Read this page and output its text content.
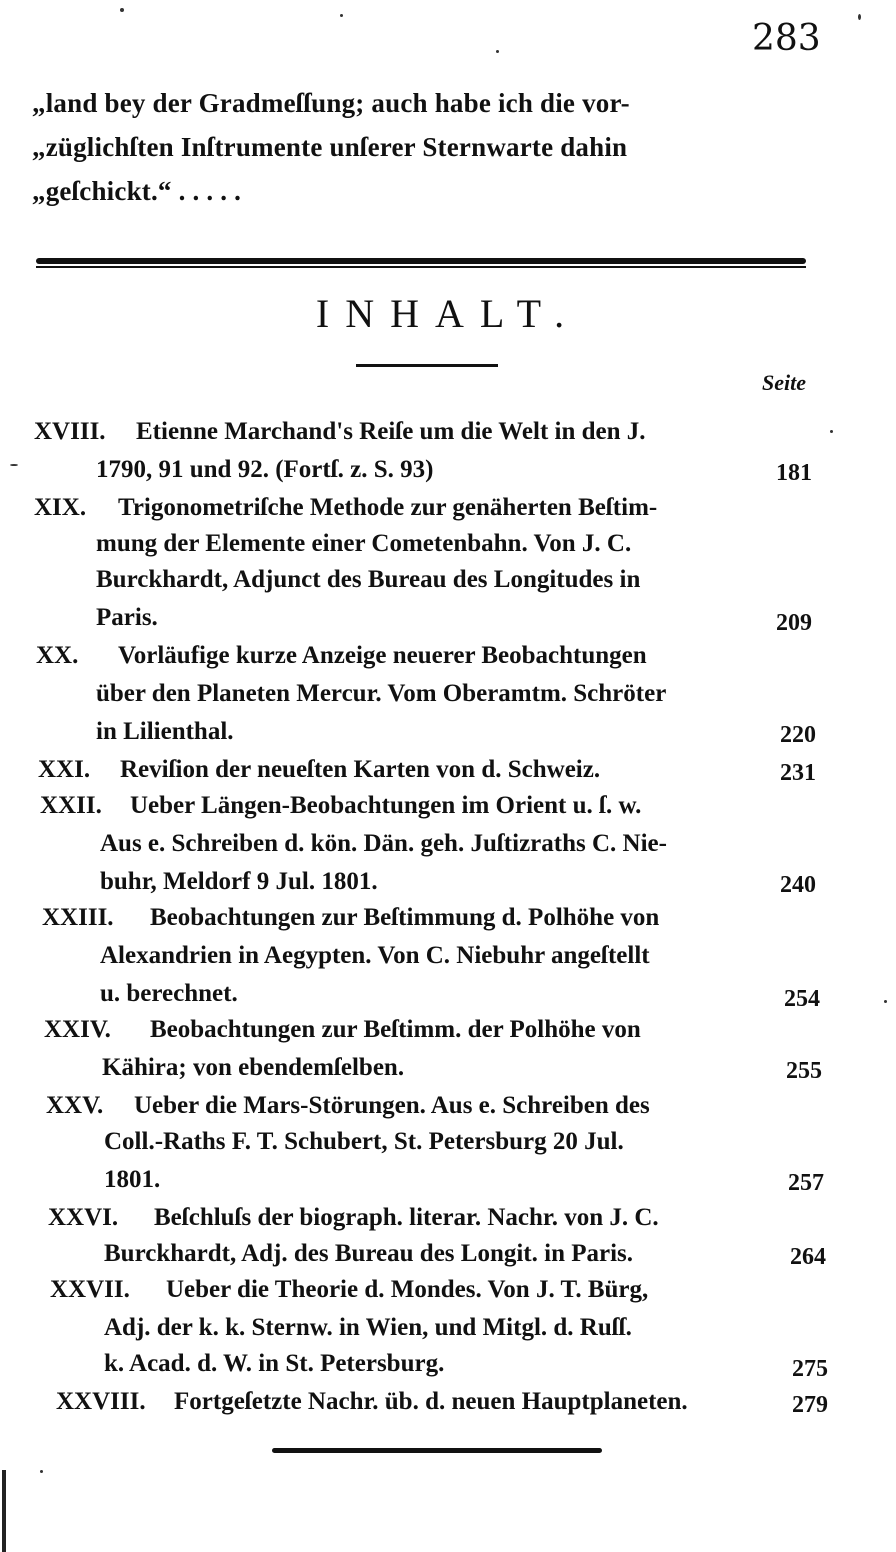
283
„land bey der Gradmeſſung; auch habe ich die vor-
„züglichſten Inſtrumente unſerer Sternwarte dahin
„geſchickt.“ . . . . .
INHALT.
Seite
XVIII. Etienne Marchand's Reiſe um die Welt in den J.
1790, 91 und 92. (Fortſ. z. S. 93)	181
XIX. Trigonometriſche Methode zur genäherten Beſtim-
mung der Elemente einer Cometenbahn. Von J. C.
Burckhardt, Adjunct des Bureau des Longitudes in
Paris.	209
XX. Vorläufige kurze Anzeige neuerer Beobachtungen
über den Planeten Mercur. Vom Oberamtm. Schröter
in Lilienthal.	220
XXI. Reviſion der neueſten Karten von d. Schweiz.	231
XXII. Ueber Längen-Beobachtungen im Orient u. ſ. w.
Aus e. Schreiben d. kön. Dän. geh. Juſtizraths C. Nie-
buhr, Meldorf 9 Jul. 1801.	240
XXIII. Beobachtungen zur Beſtimmung d. Polhöhe von
Alexandrien in Aegypten. Von C. Niebuhr angeſtellt
u. berechnet.	254
XXIV. Beobachtungen zur Beſtimm. der Polhöhe von
Kähira; von ebendemſelben.	255
XXV. Ueber die Mars-Störungen. Aus e. Schreiben des
Coll.-Raths F. T. Schubert, St. Petersburg 20 Jul.
1801.	257
XXVI. Beſchluſs der biograph. literar. Nachr. von J. C.
Burckhardt, Adj. des Bureau des Longit. in Paris.	264
XXVII. Ueber die Theorie d. Mondes. Von J. T. Bürg,
Adj. der k. k. Sternw. in Wien, und Mitgl. d. Ruſſ.
k. Acad. d. W. in St. Petersburg.	275
XXVIII. Fortgeſetzte Nachr. üb. d. neuen Hauptplaneten.	279
